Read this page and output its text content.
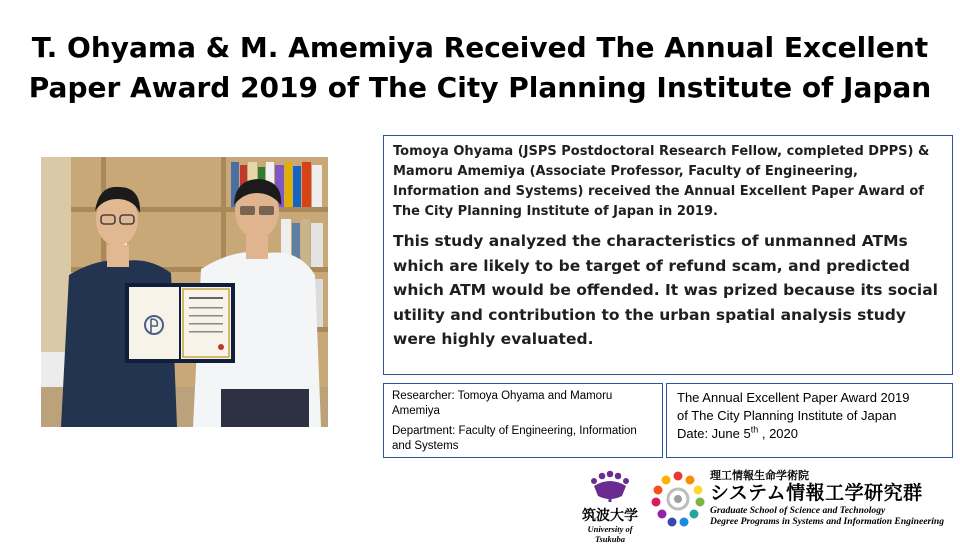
T. Ohyama & M. Amemiya Received The Annual Excellent
Paper Award 2019 of The City Planning Institute of Japan

Tomoya Ohyama (JSPS Postdoctoral Research Fellow, completed DPPS) & Mamoru Amemiya (Associate Professor, Faculty of Engineering, Information and Systems) received the Annual Excellent Paper Award of The City Planning Institute of Japan in 2019.

This study analyzed the characteristics of unmanned ATMs which are likely to be target of refund scam, and predicted which ATM would be offended. It was prized because its social utility and contribution to the urban spatial analysis study were highly evaluated.

Researcher: Tomoya Ohyama and Mamoru Amemiya
Department: Faculty of Engineering, Information and Systems
The Annual Excellent Paper Award 2019
of The City Planning Institute of Japan
Date: June 5th , 2020
筑波大学
University of Tsukuba
理工情報生命学術院
システム情報工学研究群
Graduate School of Science and Technology
Degree Programs in Systems and Information Engineering
